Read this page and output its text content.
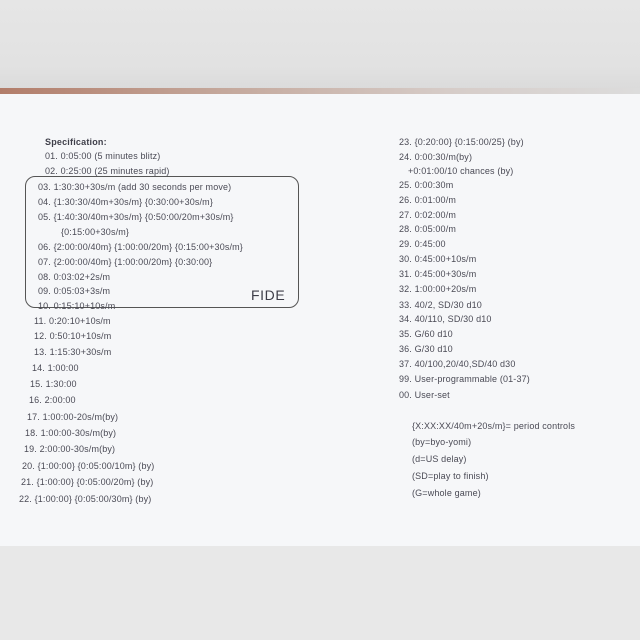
Specification:
FIDE
01. 0:05:00 (5 minutes blitz)
02. 0:25:00 (25 minutes rapid)
03. 1:30:30+30s/m (add 30 seconds per move)
04. {1:30:30/40m+30s/m} {0:30:00+30s/m}
05. {1:40:30/40m+30s/m} {0:50:00/20m+30s/m}
{0:15:00+30s/m}
06. {2:00:00/40m} {1:00:00/20m} {0:15:00+30s/m}
07. {2:00:00/40m} {1:00:00/20m} {0:30:00}
08. 0:03:02+2s/m
09. 0:05:03+3s/m
10. 0:15:10+10s/m
11. 0:20:10+10s/m
12. 0:50:10+10s/m
13. 1:15:30+30s/m
14. 1:00:00
15. 1:30:00
16. 2:00:00
17. 1:00:00-20s/m(by)
18. 1:00:00-30s/m(by)
19. 2:00:00-30s/m(by)
20. {1:00:00} {0:05:00/10m} (by)
21. {1:00:00} {0:05:00/20m} (by)
22. {1:00:00} {0:05:00/30m} (by)
23. {0:20:00} {0:15:00/25} (by)
24. 0:00:30/m(by)
+0:01:00/10 chances (by)
25. 0:00:30m
26. 0:01:00/m
27. 0:02:00/m
28. 0:05:00/m
29. 0:45:00
30. 0:45:00+10s/m
31. 0:45:00+30s/m
32. 1:00:00+20s/m
33. 40/2, SD/30 d10
34. 40/110, SD/30 d10
35. G/60 d10
36. G/30 d10
37. 40/100,20/40,SD/40 d30
99. User-programmable (01-37)
00. User-set
{X:XX:XX/40m+20s/m}= period controls
(by=byo-yomi)
(d=US delay)
(SD=play to finish)
(G=whole game)
